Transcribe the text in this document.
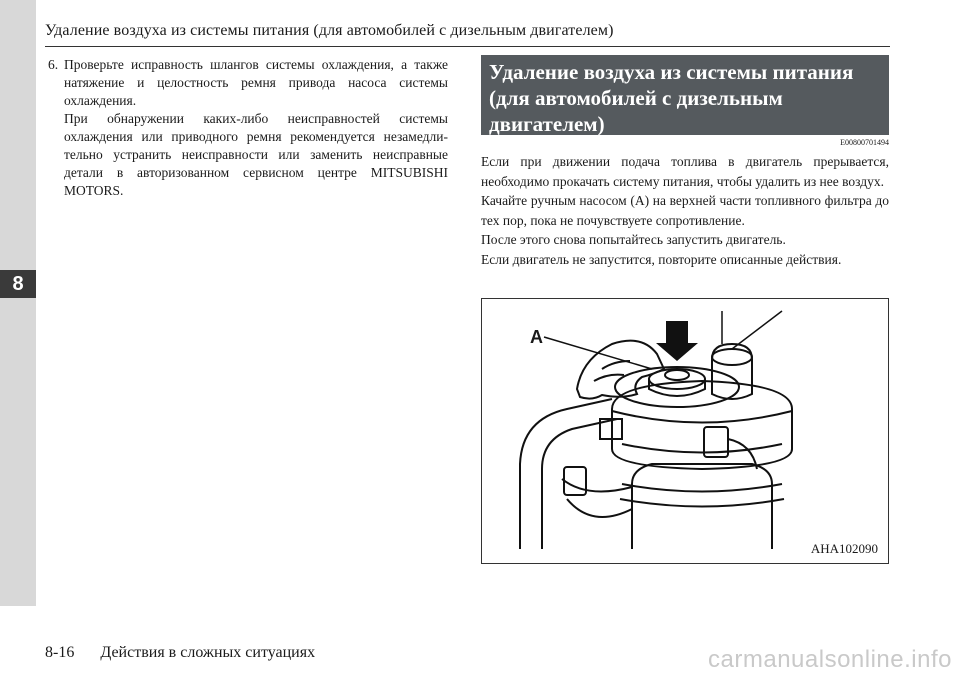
8
Удаление воздуха из системы питания (для автомобилей с дизельным двигателем)
6. Проверьте исправность шлангов системы охлаждения, а также натяжение и целостность ремня привода насоса системы охлаждения.

При обнаружении каких-либо неисправностей системы охлаждения или приводного ремня рекомендуется незамедли-тельно устранить неисправности или заменить неисправные детали в авторизованном сервисном центре MITSUBISHI MOTORS.

Удаление воздуха из системы питания (для автомобилей с дизельным двигателем)
E00800701494

Если при движении подача топлива в двигатель прерывается, необходимо прокачать систему питания, чтобы удалить из нее воздух.

Качайте ручным насосом (A) на верхней части топливного фильтра до тех пор, пока не почувствуете сопротивление.

После этого снова попытайтесь запустить двигатель.

Если двигатель не запустится, повторите описанные действия.

A
AHA102090
8-16 Действия в сложных ситуациях	carmanualsonline.info
